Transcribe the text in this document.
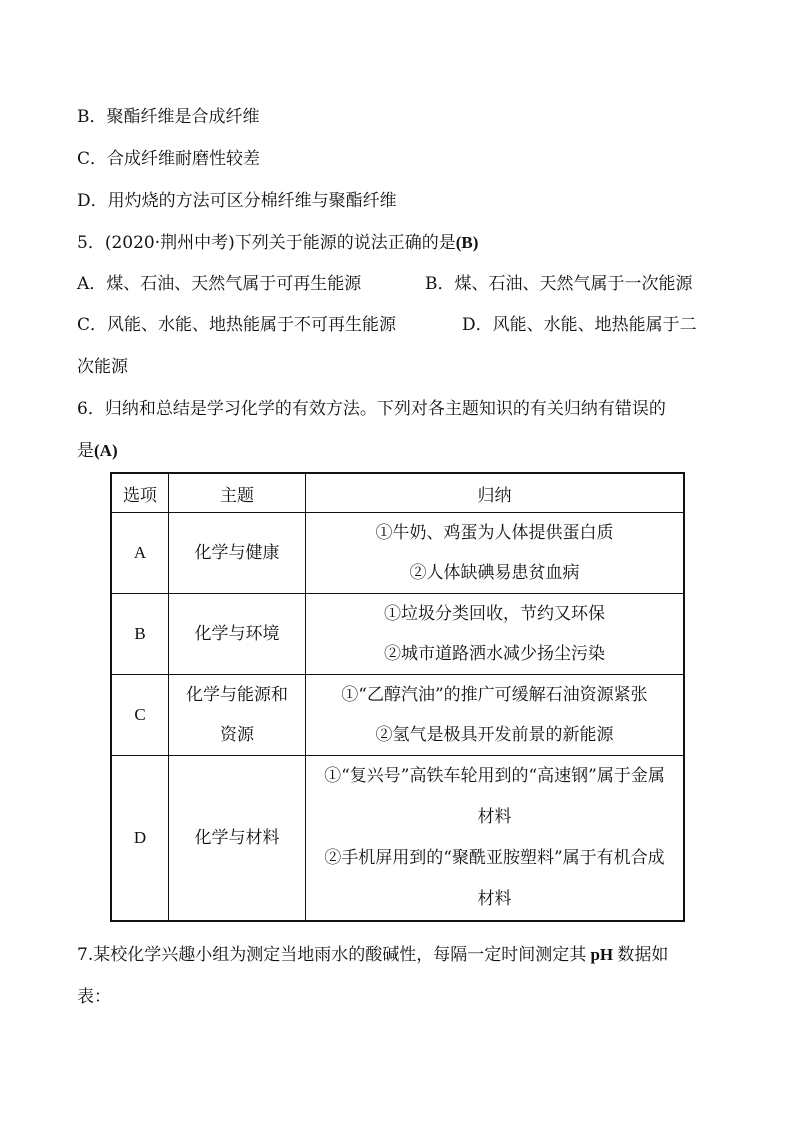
B．聚酯纤维是合成纤维
C．合成纤维耐磨性较差
D．用灼烧的方法可区分棉纤维与聚酯纤维
5．(2020·荆州中考)下列关于能源的说法正确的是(B)
A．煤、石油、天然气属于可再生能源	B．煤、石油、天然气属于一次能源
C．风能、水能、地热能属于不可再生能源	D．风能、水能、地热能属于二
次能源
6．归纳和总结是学习化学的有效方法。下列对各主题知识的有关归纳有错误的
是(A)
选项	主题	归纳
A	化学与健康	①牛奶、鸡蛋为人体提供蛋白质
②人体缺碘易患贫血病

B	化学与环境	①垃圾分类回收，节约又环保
②城市道路洒水减少扬尘污染

C	化学与能源和
资源	①“乙醇汽油”的推广可缓解石油资源紧张
②氢气是极具开发前景的新能源

D	化学与材料	①“复兴号”高铁车轮用到的“高速钢”属于金属
材料
②手机屏用到的“聚酰亚胺塑料”属于有机合成
材料
7.某校化学兴趣小组为测定当地雨水的酸碱性，每隔一定时间测定其 pH 数据如
表：
